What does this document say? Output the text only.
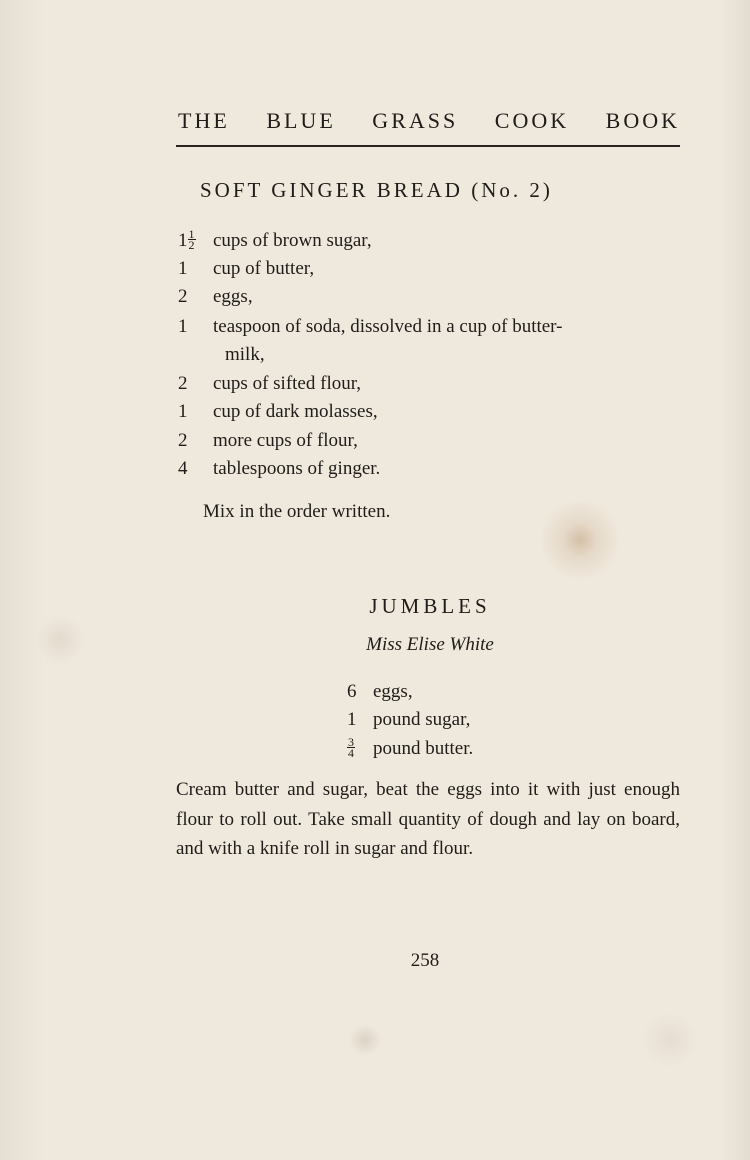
THE BLUE GRASS COOK BOOK
SOFT GINGER BREAD (No. 2)
$1 \frac{1}{2}$ cups of brown sugar,
1 cup of butter,
2 eggs,
1 teaspoon of soda, dissolved in a cup of butter-
milk,
2 cups of sifted flour,
1 cup of dark molasses,
2 more cups of flour,
4 tablespoons of ginger.
Mix in the order written.
JUMBLES
Miss Elise White
6 eggs,
1 pound sugar,
$\frac{3}{4}$ pound butter.
Cream butter and sugar, beat the eggs into it with just enough flour to roll out. Take small quantity of dough and lay on board, and with a knife roll in sugar and flour.
258
